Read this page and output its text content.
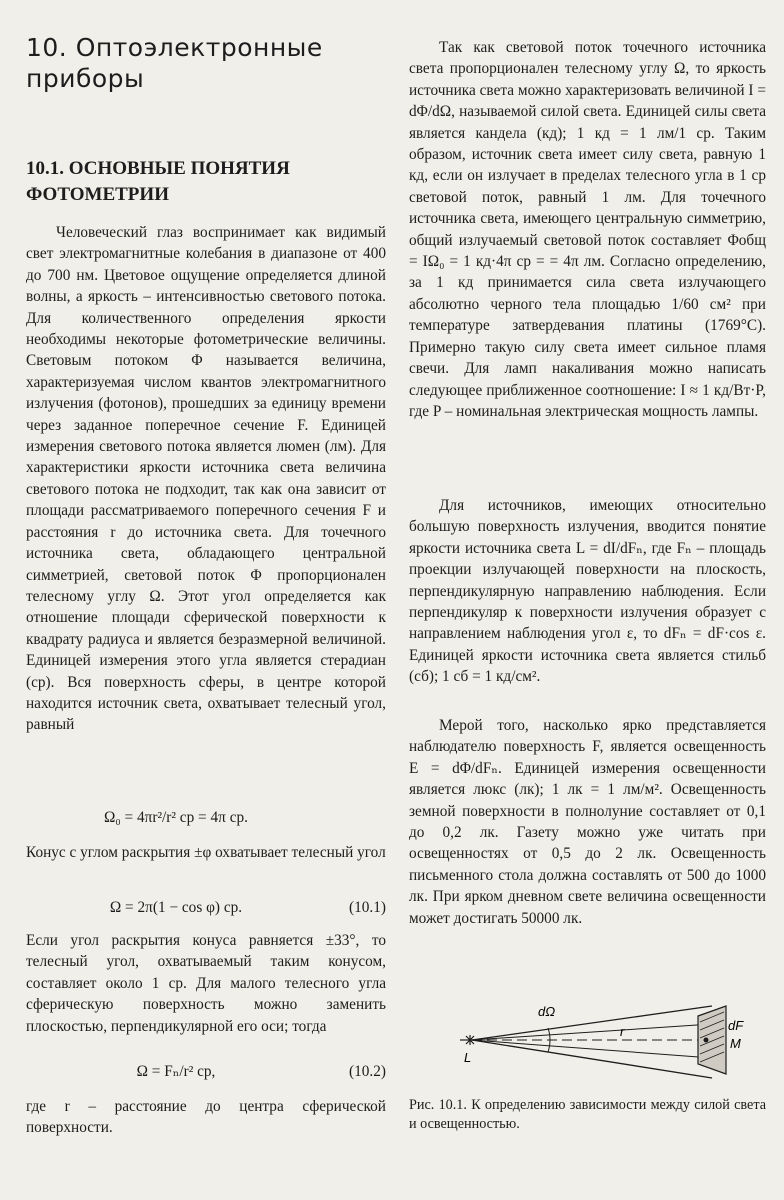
10. Оптоэлектронные
приборы
10.1. ОСНОВНЫЕ ПОНЯТИЯ
ФОТОМЕТРИИ

Человеческий глаз воспринимает как видимый свет электромагнитные колебания в диапазоне от 400 до 700 нм. Цветовое ощущение определяется длиной волны, а яркость – интенсивностью светового потока. Для количественного определения яркости необходимы некоторые фотометрические величины. Световым потоком Φ называется величина, характеризуемая числом квантов электромагнитного излучения (фотонов), прошедших за единицу времени через заданное поперечное сечение F. Единицей измерения светового потока является люмен (лм). Для характеристики яркости источника света величина светового потока не подходит, так как она зависит от площади рассматриваемого поперечного сечения F и расстояния r до источника света. Для точечного источника света, обладающего центральной симметрией, световой поток Φ пропорционален телесному углу Ω. Этот угол определяется как отношение площади сферической поверхности к квадрату радиуса и является безразмерной величиной. Единицей измерения этого угла является стерадиан (ср). Вся поверхность сферы, в центре которой находится источник света, охватывает телесный угол, равный

Ω₀ = 4πr²/r² ср = 4π ср.

Конус с углом раскрытия ±φ охватывает телесный угол

Ω = 2π(1 − cos φ) ср.	(10.1)

Если угол раскрытия конуса равняется ±33°, то телесный угол, охватываемый таким конусом, составляет около 1 ср. Для малого телесного угла сферическую поверхность можно заменить плоскостью, перпендикулярной его оси; тогда

Ω = Fₙ/r² ср,	(10.2)

где r – расстояние до центра сферической поверхности.

Так как световой поток точечного источника света пропорционален телесному углу Ω, то яркость источника света можно характеризовать величиной I = dΦ/dΩ, называемой силой света. Единицей силы света является кандела (кд); 1 кд = 1 лм/1 ср. Таким образом, источник света имеет силу света, равную 1 кд, если он излучает в пределах телесного угла в 1 ср световой поток, равный 1 лм. Для точечного источника света, имеющего центральную симметрию, общий излучаемый световой поток составляет Φобщ = IΩ₀ = 1 кд·4π ср = = 4π лм. Согласно определению, за 1 кд принимается сила света излучающего абсолютно черного тела площадью 1/60 см² при температуре затвердевания платины (1769°С). Примерно такую силу света имеет сильное пламя свечи. Для ламп накаливания можно написать следующее приближенное соотношение: I ≈ 1 кд/Вт·P, где P – номинальная электрическая мощность лампы.

Для источников, имеющих относительно большую поверхность излучения, вводится понятие яркости источника света L = dI/dFₙ, где Fₙ – площадь проекции излучающей поверхности на плоскость, перпендикулярную направлению наблюдения. Если перпендикуляр к поверхности излучения образует с направлением наблюдения угол ε, то dFₙ = dF·cos ε. Единицей яркости источника света является стильб (сб); 1 сб = 1 кд/см².

Мерой того, насколько ярко представляется наблюдателю поверхность F, является освещенность E = dΦ/dFₙ. Единицей измерения освещенности является люкс (лк); 1 лк = 1 лм/м². Освещенность земной поверхности в полнолуние составляет от 0,1 до 0,2 лк. Газету можно уже читать при освещенностях от 0,5 до 2 лк. Освещенность письменного стола должна составлять от 500 до 1000 лк. При ярком дневном свете величина освещенности может достигать 50000 лк.

dΩ
r	dF
M
L
Рис. 10.1. К определению зависимости между силой света и освещенностью.
